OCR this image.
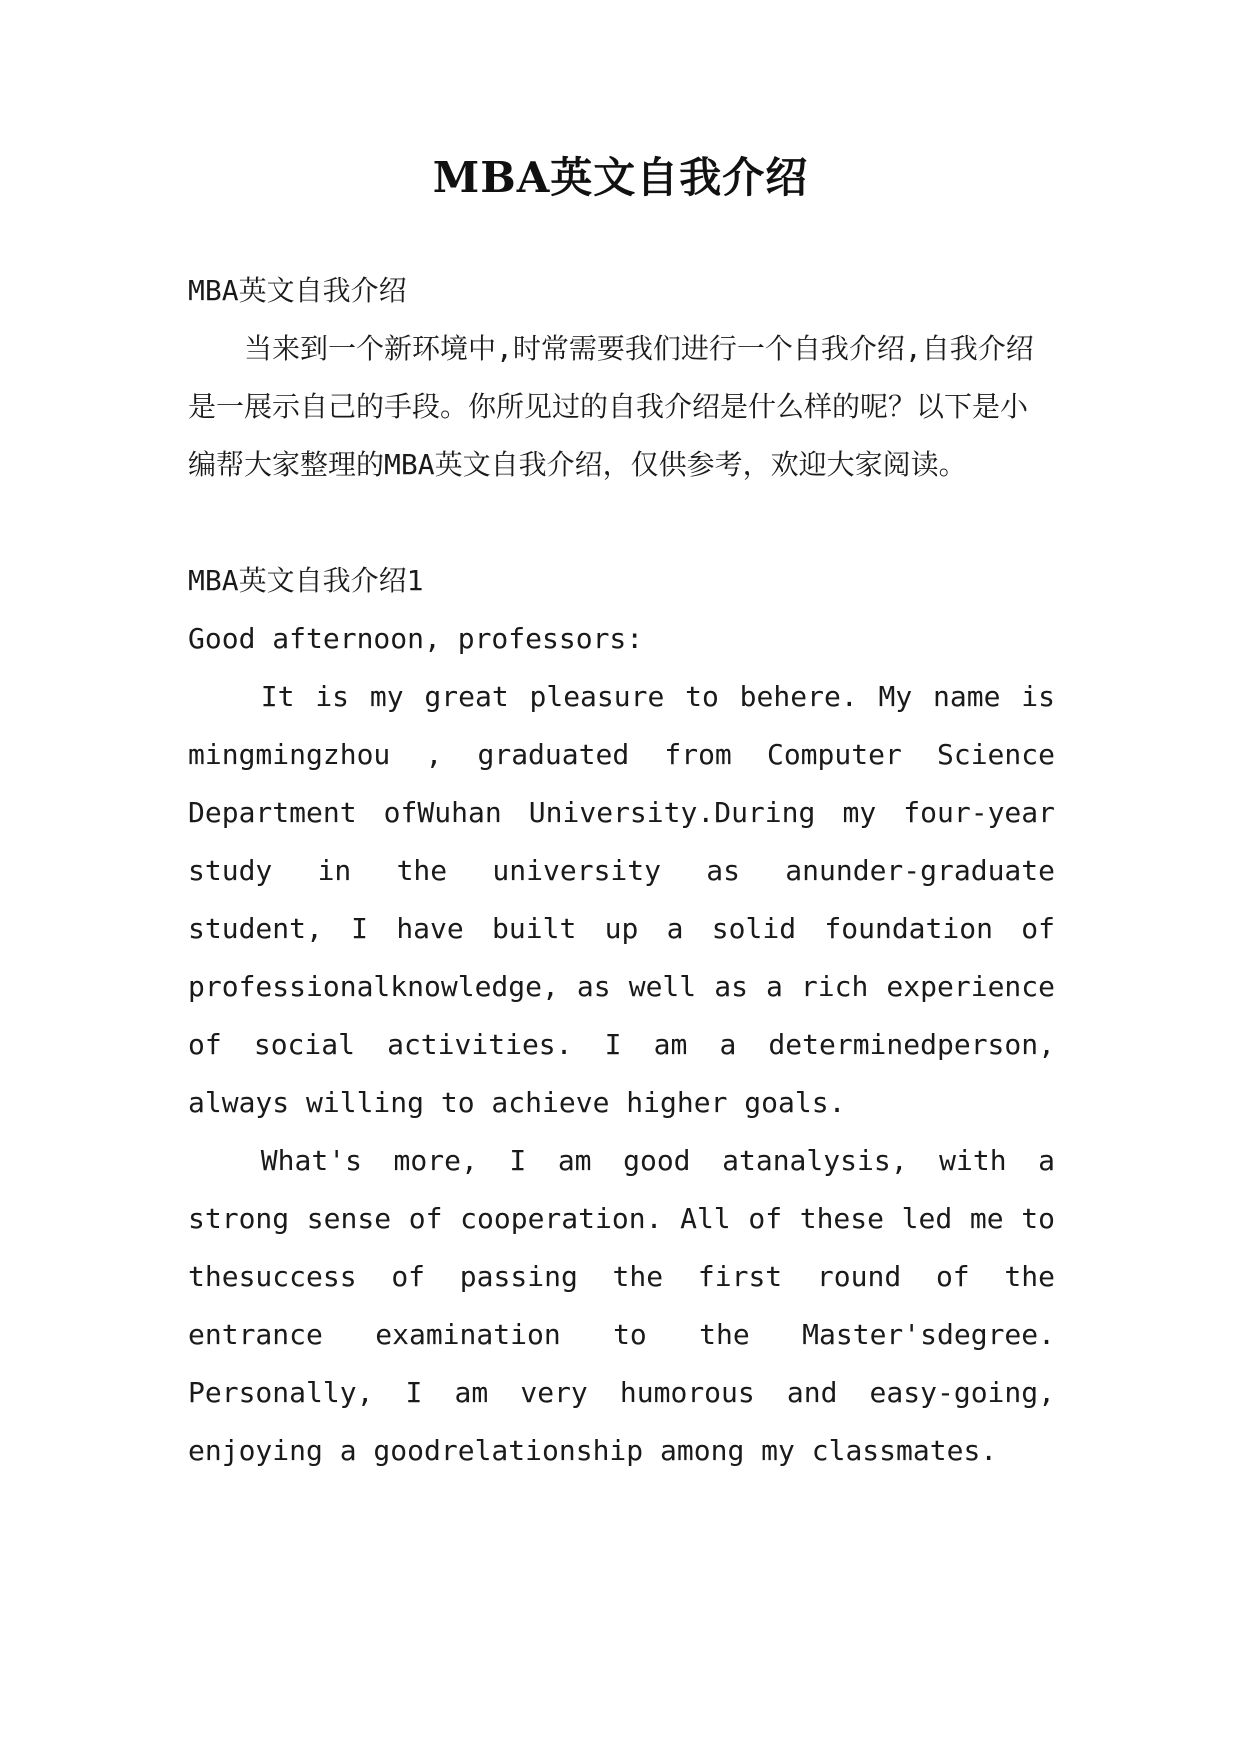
MBA英文自我介绍

MBA英文自我介绍

当来到一个新环境中,时常需要我们进行一个自我介绍,自我介绍是一展示自己的手段。你所见过的自我介绍是什么样的呢？以下是小编帮大家整理的MBA英文自我介绍，仅供参考，欢迎大家阅读。

MBA英文自我介绍1

Good afternoon, professors:

It is my great pleasure to behere. My name is mingmingzhou , graduated from Computer Science Department ofWuhan University.During my four-year study in the university as anunder-graduate student, I have built up a solid foundation of professionalknowledge, as well as a rich experience of social activities. I am a determinedperson, always willing to achieve higher goals.

What's more, I am good atanalysis, with a strong sense of cooperation. All of these led me to thesuccess of passing the first round of the entrance examination to the Master'sdegree. Personally, I am very humorous and easy-going, enjoying a goodrelationship among my classmates.
